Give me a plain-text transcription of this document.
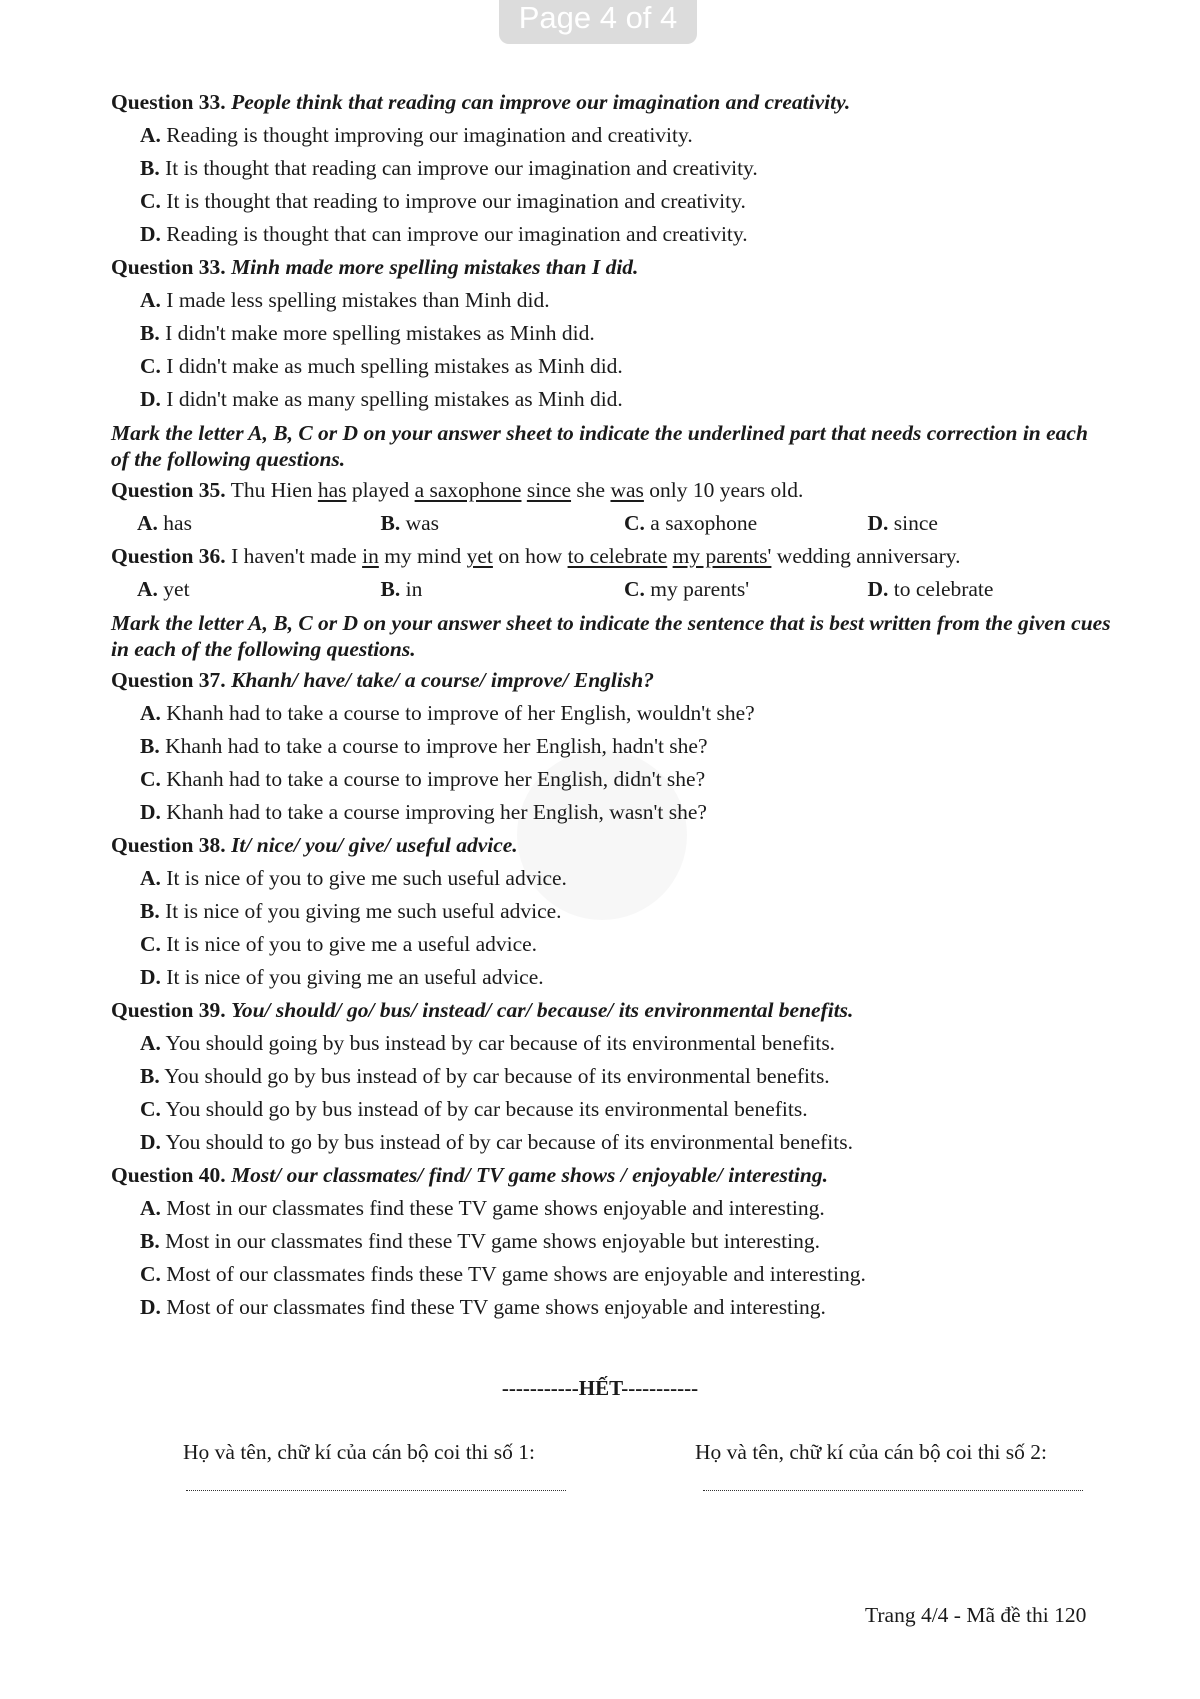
Page 4 of 4
Question 33. People think that reading can improve our imagination and creativity.
A. Reading is thought improving our imagination and creativity.
B. It is thought that reading can improve our imagination and creativity.
C. It is thought that reading to improve our imagination and creativity.
D. Reading is thought that can improve our imagination and creativity.
Question 33. Minh made more spelling mistakes than I did.
A. I made less spelling mistakes than Minh did.
B. I didn't make more spelling mistakes as Minh did.
C. I didn't make as much spelling mistakes as Minh did.
D. I didn't make as many spelling mistakes as Minh did.
Mark the letter A, B, C or D on your answer sheet to indicate the underlined part that needs correction in each of the following questions.
Question 35. Thu Hien has played a saxophone since she was only 10 years old.
A. has	B. was	C. a saxophone	D. since
Question 36. I haven't made in my mind yet on how to celebrate my parents' wedding anniversary.
A. yet	B. in	C. my parents'	D. to celebrate
Mark the letter A, B, C or D on your answer sheet to indicate the sentence that is best written from the given cues in each of the following questions.
Question 37. Khanh/ have/ take/ a course/ improve/ English?
A. Khanh had to take a course to improve of her English, wouldn't she?
B. Khanh had to take a course to improve her English, hadn't she?
C. Khanh had to take a course to improve her English, didn't she?
D. Khanh had to take a course improving her English, wasn't she?
Question 38. It/ nice/ you/ give/ useful advice.
A. It is nice of you to give me such useful advice.
B. It is nice of you giving me such useful advice.
C. It is nice of you to give me a useful advice.
D. It is nice of you giving me an useful advice.
Question 39. You/ should/ go/ bus/ instead/ car/ because/ its environmental benefits.
A. You should going by bus instead by car because of its environmental benefits.
B. You should go by bus instead of by car because of its environmental benefits.
C. You should go by bus instead of by car because its environmental benefits.
D. You should to go by bus instead of by car because of its environmental benefits.
Question 40. Most/ our classmates/ find/ TV game shows / enjoyable/ interesting.
A. Most in our classmates find these TV game shows enjoyable and interesting.
B. Most in our classmates find these TV game shows enjoyable but interesting.
C. Most of our classmates finds these TV game shows are enjoyable and interesting.
D. Most of our classmates find these TV game shows enjoyable and interesting.
-----------HẾT-----------
Họ và tên, chữ kí của cán bộ coi thi số 1:	Họ và tên, chữ kí của cán bộ coi thi số 2:
Trang 4/4 - Mã đề thi 120
